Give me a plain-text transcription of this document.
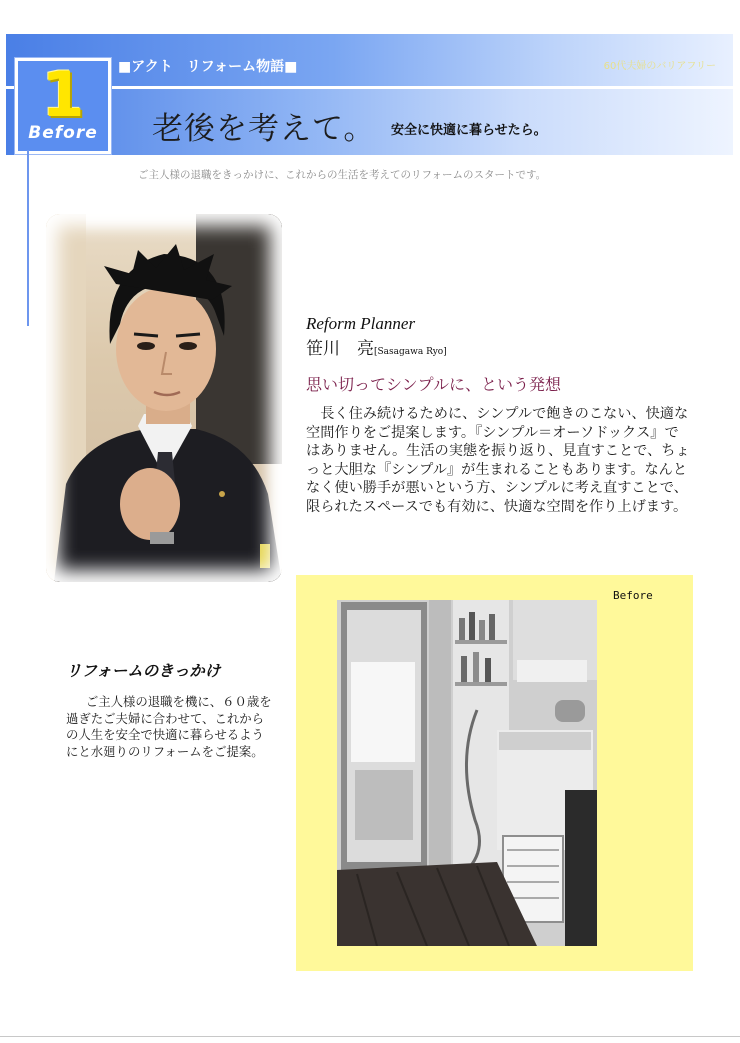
■アクト　リフォーム物語■	60代夫婦のバリアフリー
1
Before	老後を考えて。 安全に快適に暮らせたら。
ご主人様の退職をきっかけに、これからの生活を考えてのリフォームのスタートです。
Reform Planner
笹川　亮[Sasagawa Ryo]
思い切ってシンプルに、という発想
長く住み続けるために、シンプルで飽きのこない、快適な空間作りをご提案します。『シンプル＝オーソドックス』ではありません。生活の実態を振り返り、見直すことで、ちょっと大胆な『シンプル』が生まれることもあります。なんとなく使い勝手が悪いという方、シンプルに考え直すことで、限られたスペースでも有効に、快適な空間を作り上げます。
Before
リフォームのきっかけ
ご主人様の退職を機に、６０歳を過ぎたご夫婦に合わせて、これからの人生を安全で快適に暮らせるようにと水廻りのリフォームをご提案。
